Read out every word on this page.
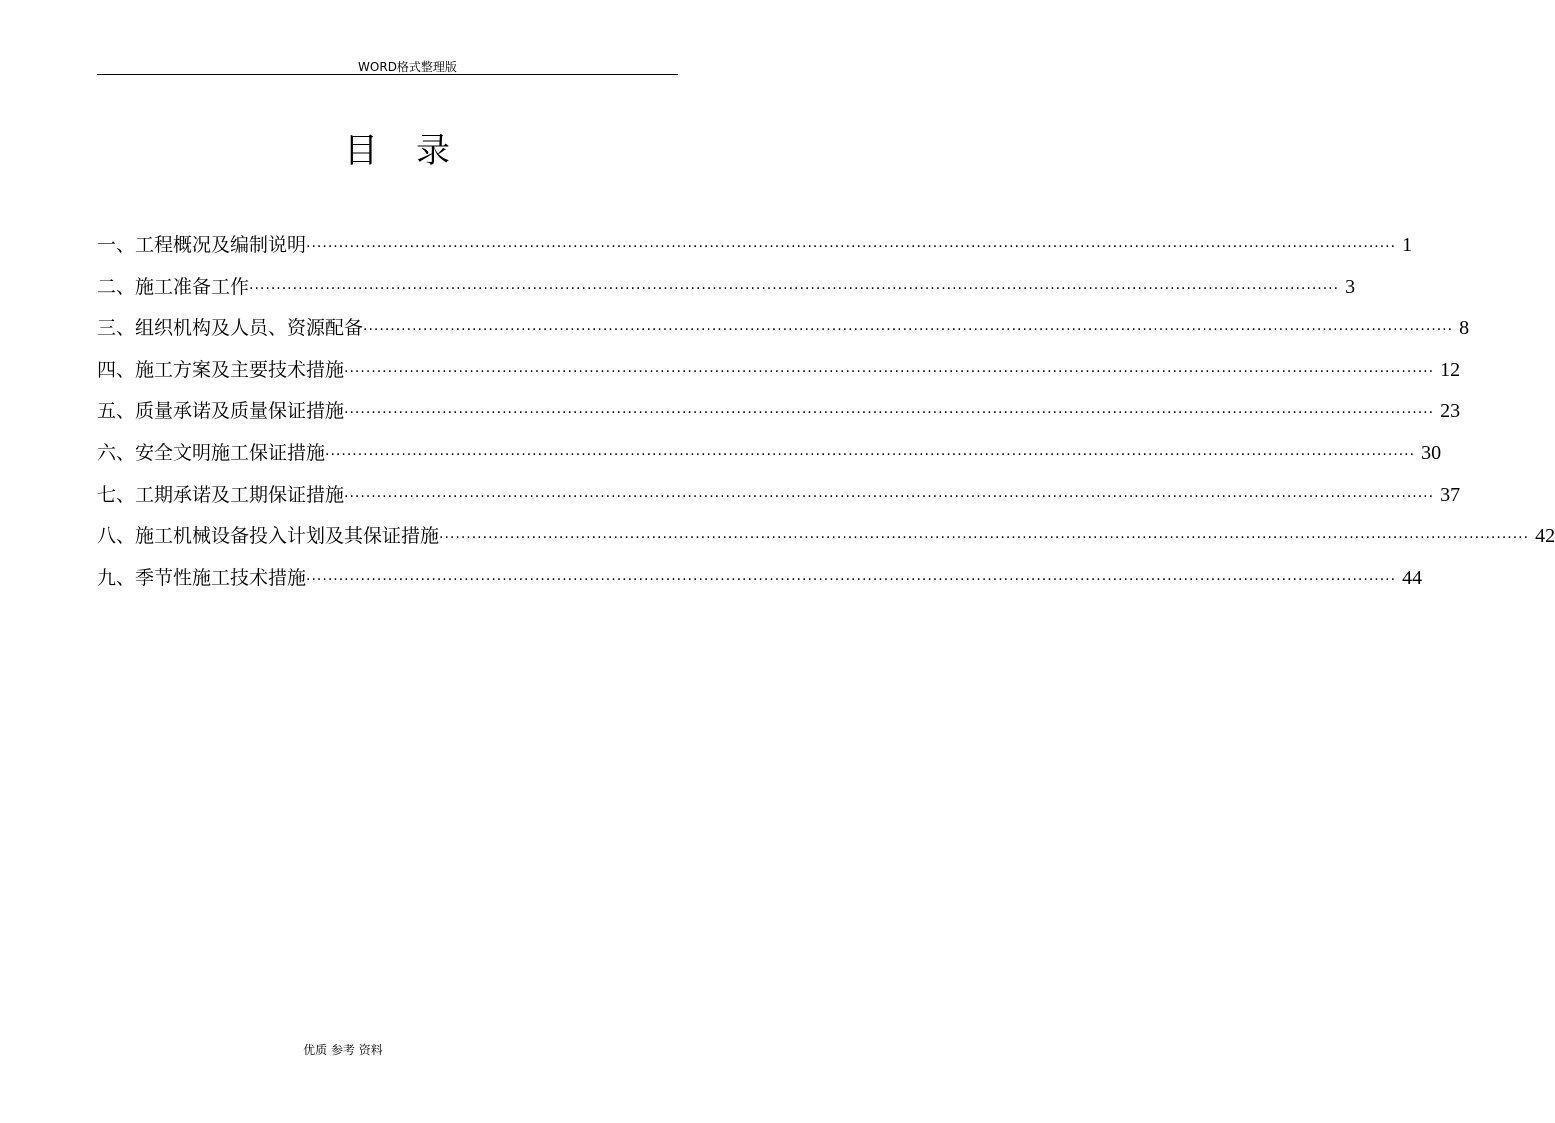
WORD格式整理版
目 录
一、 工程概况及编制说明 ········································································································································································································ 1
二、 施工准备工作 ········································································································································································································ 3
三、 组织机构及人员、资源配备 ········································································································································································································ 8
四、 施工方案及主要技术措施 ········································································································································································································ 12
五、 质量承诺及质量保证措施 ········································································································································································································ 23
六、 安全文明施工保证措施 ········································································································································································································ 30
七、 工期承诺及工期保证措施 ········································································································································································································ 37
八、 施工机械设备投入计划及其保证措施 ········································································································································································································ 42
九、 季节性施工技术措施 ········································································································································································································ 44
优质 参考 资料
